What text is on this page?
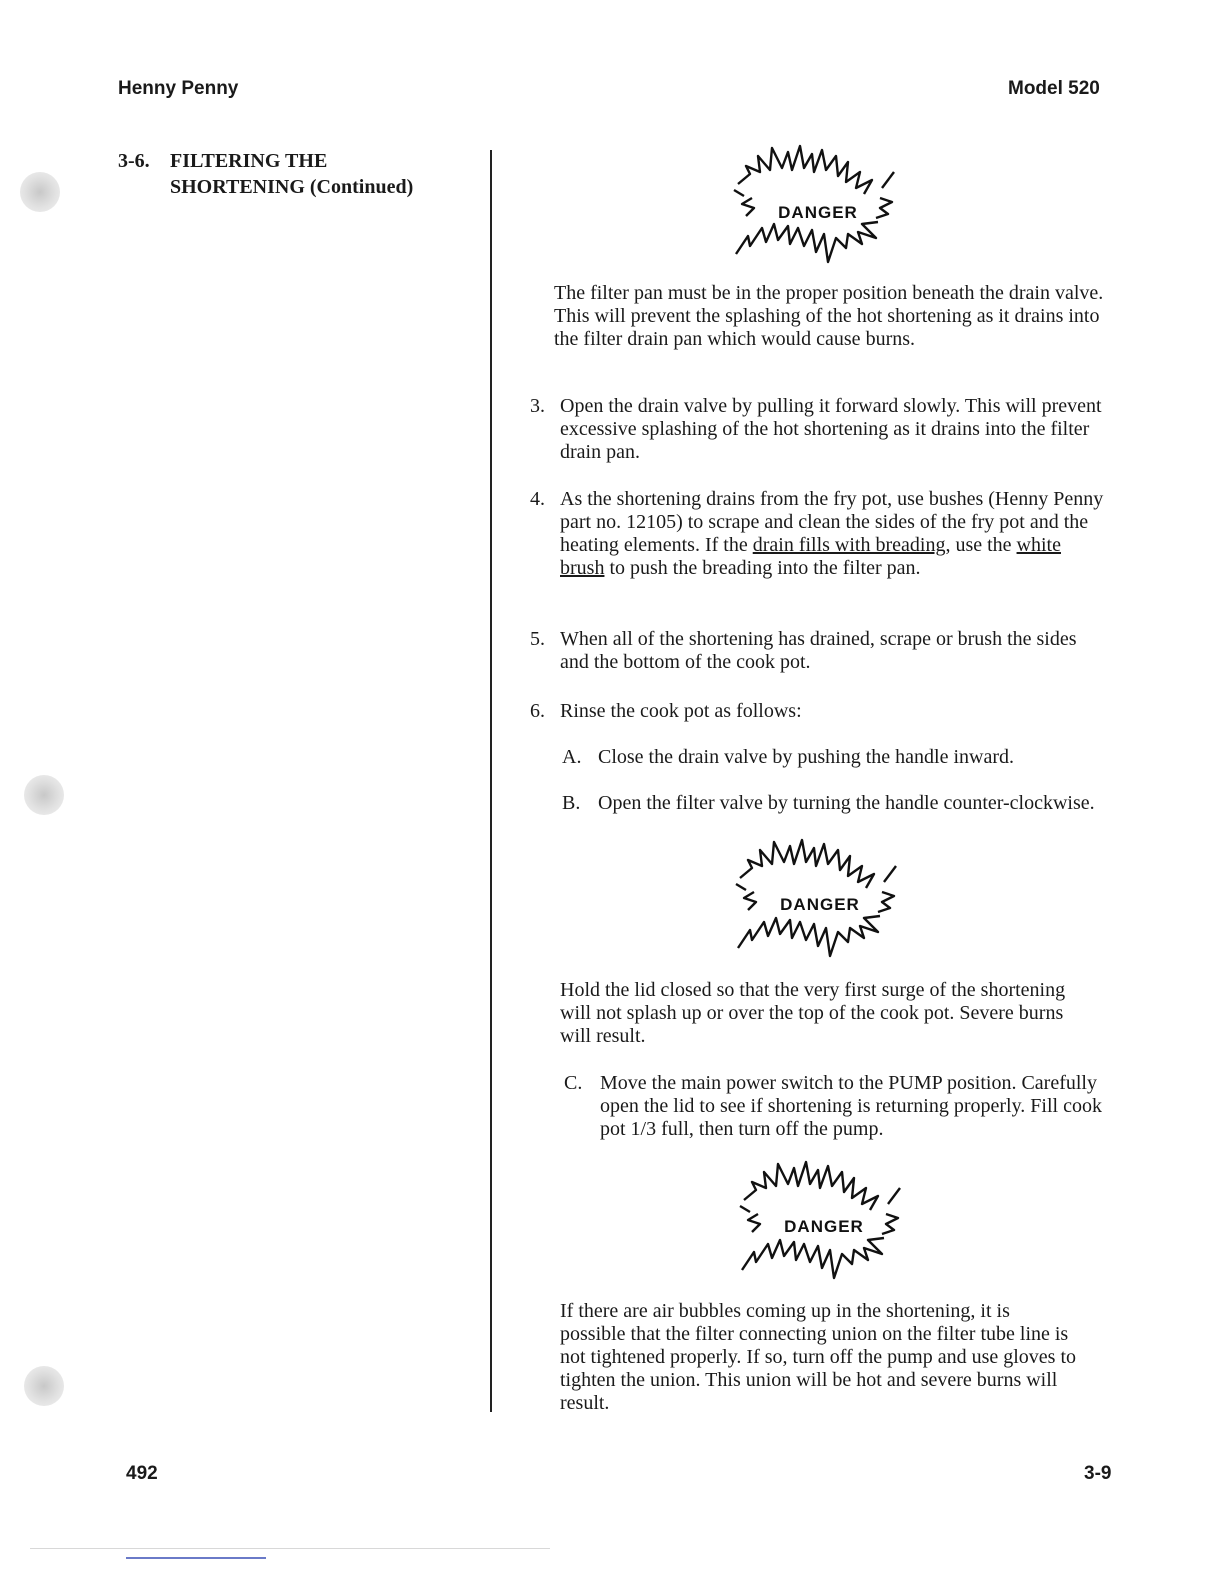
Henny Penny	Model 520
3-6. FILTERING THE
SHORTENING (Continued)
DANGER
The filter pan must be in the proper position beneath the drain valve. This will prevent the splashing of the hot shortening as it drains into the filter drain pan which would cause burns.
3. Open the drain valve by pulling it forward slowly. This will prevent excessive splashing of the hot shortening as it drains into the filter drain pan.
4. As the shortening drains from the fry pot, use bushes (Henny Penny part no. 12105) to scrape and clean the sides of the fry pot and the heating elements. If the drain fills with breading, use the white brush to push the breading into the filter pan.
5. When all of the shortening has drained, scrape or brush the sides and the bottom of the cook pot.
6. Rinse the cook pot as follows:
A. Close the drain valve by pushing the handle inward.
B. Open the filter valve by turning the handle counter-clockwise.
DANGER
Hold the lid closed so that the very first surge of the shortening will not splash up or over the top of the cook pot. Severe burns will result.
C. Move the main power switch to the PUMP position. Carefully open the lid to see if shortening is returning properly. Fill cook pot 1/3 full, then turn off the pump.
DANGER
If there are air bubbles coming up in the shortening, it is possible that the filter connecting union on the filter tube line is not tightened properly. If so, turn off the pump and use gloves to tighten the union. This union will be hot and severe burns will result.
492	3-9
